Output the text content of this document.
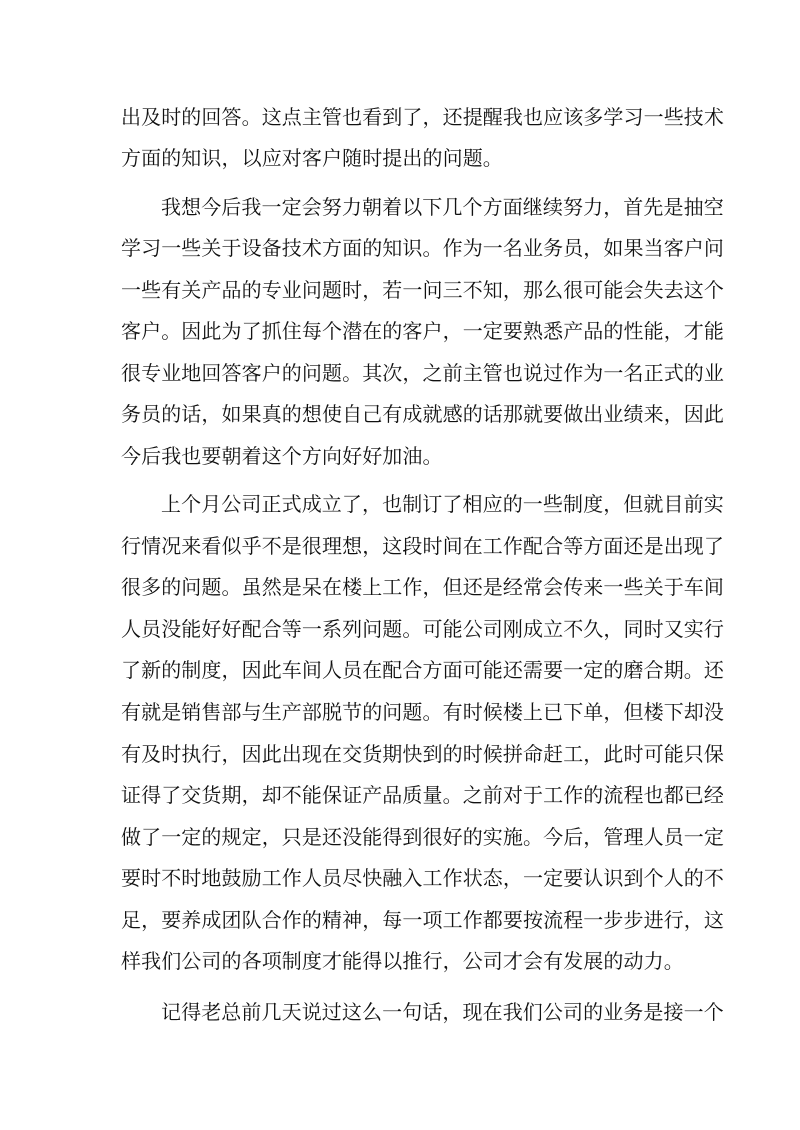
出及时的回答。这点主管也看到了，还提醒我也应该多学习一些技术
方面的知识，以应对客户随时提出的问题。
我想今后我一定会努力朝着以下几个方面继续努力，首先是抽空
学习一些关于设备技术方面的知识。作为一名业务员，如果当客户问
一些有关产品的专业问题时，若一问三不知，那么很可能会失去这个
客户。因此为了抓住每个潜在的客户，一定要熟悉产品的性能，才能
很专业地回答客户的问题。其次，之前主管也说过作为一名正式的业
务员的话，如果真的想使自己有成就感的话那就要做出业绩来，因此
今后我也要朝着这个方向好好加油。
上个月公司正式成立了，也制订了相应的一些制度，但就目前实
行情况来看似乎不是很理想，这段时间在工作配合等方面还是出现了
很多的问题。虽然是呆在楼上工作，但还是经常会传来一些关于车间
人员没能好好配合等一系列问题。可能公司刚成立不久，同时又实行
了新的制度，因此车间人员在配合方面可能还需要一定的磨合期。还
有就是销售部与生产部脱节的问题。有时候楼上已下单，但楼下却没
有及时执行，因此出现在交货期快到的时候拼命赶工，此时可能只保
证得了交货期，却不能保证产品质量。之前对于工作的流程也都已经
做了一定的规定，只是还没能得到很好的实施。今后，管理人员一定
要时不时地鼓励工作人员尽快融入工作状态，一定要认识到个人的不
足，要养成团队合作的精神，每一项工作都要按流程一步步进行，这
样我们公司的各项制度才能得以推行，公司才会有发展的动力。
记得老总前几天说过这么一句话，现在我们公司的业务是接一个
